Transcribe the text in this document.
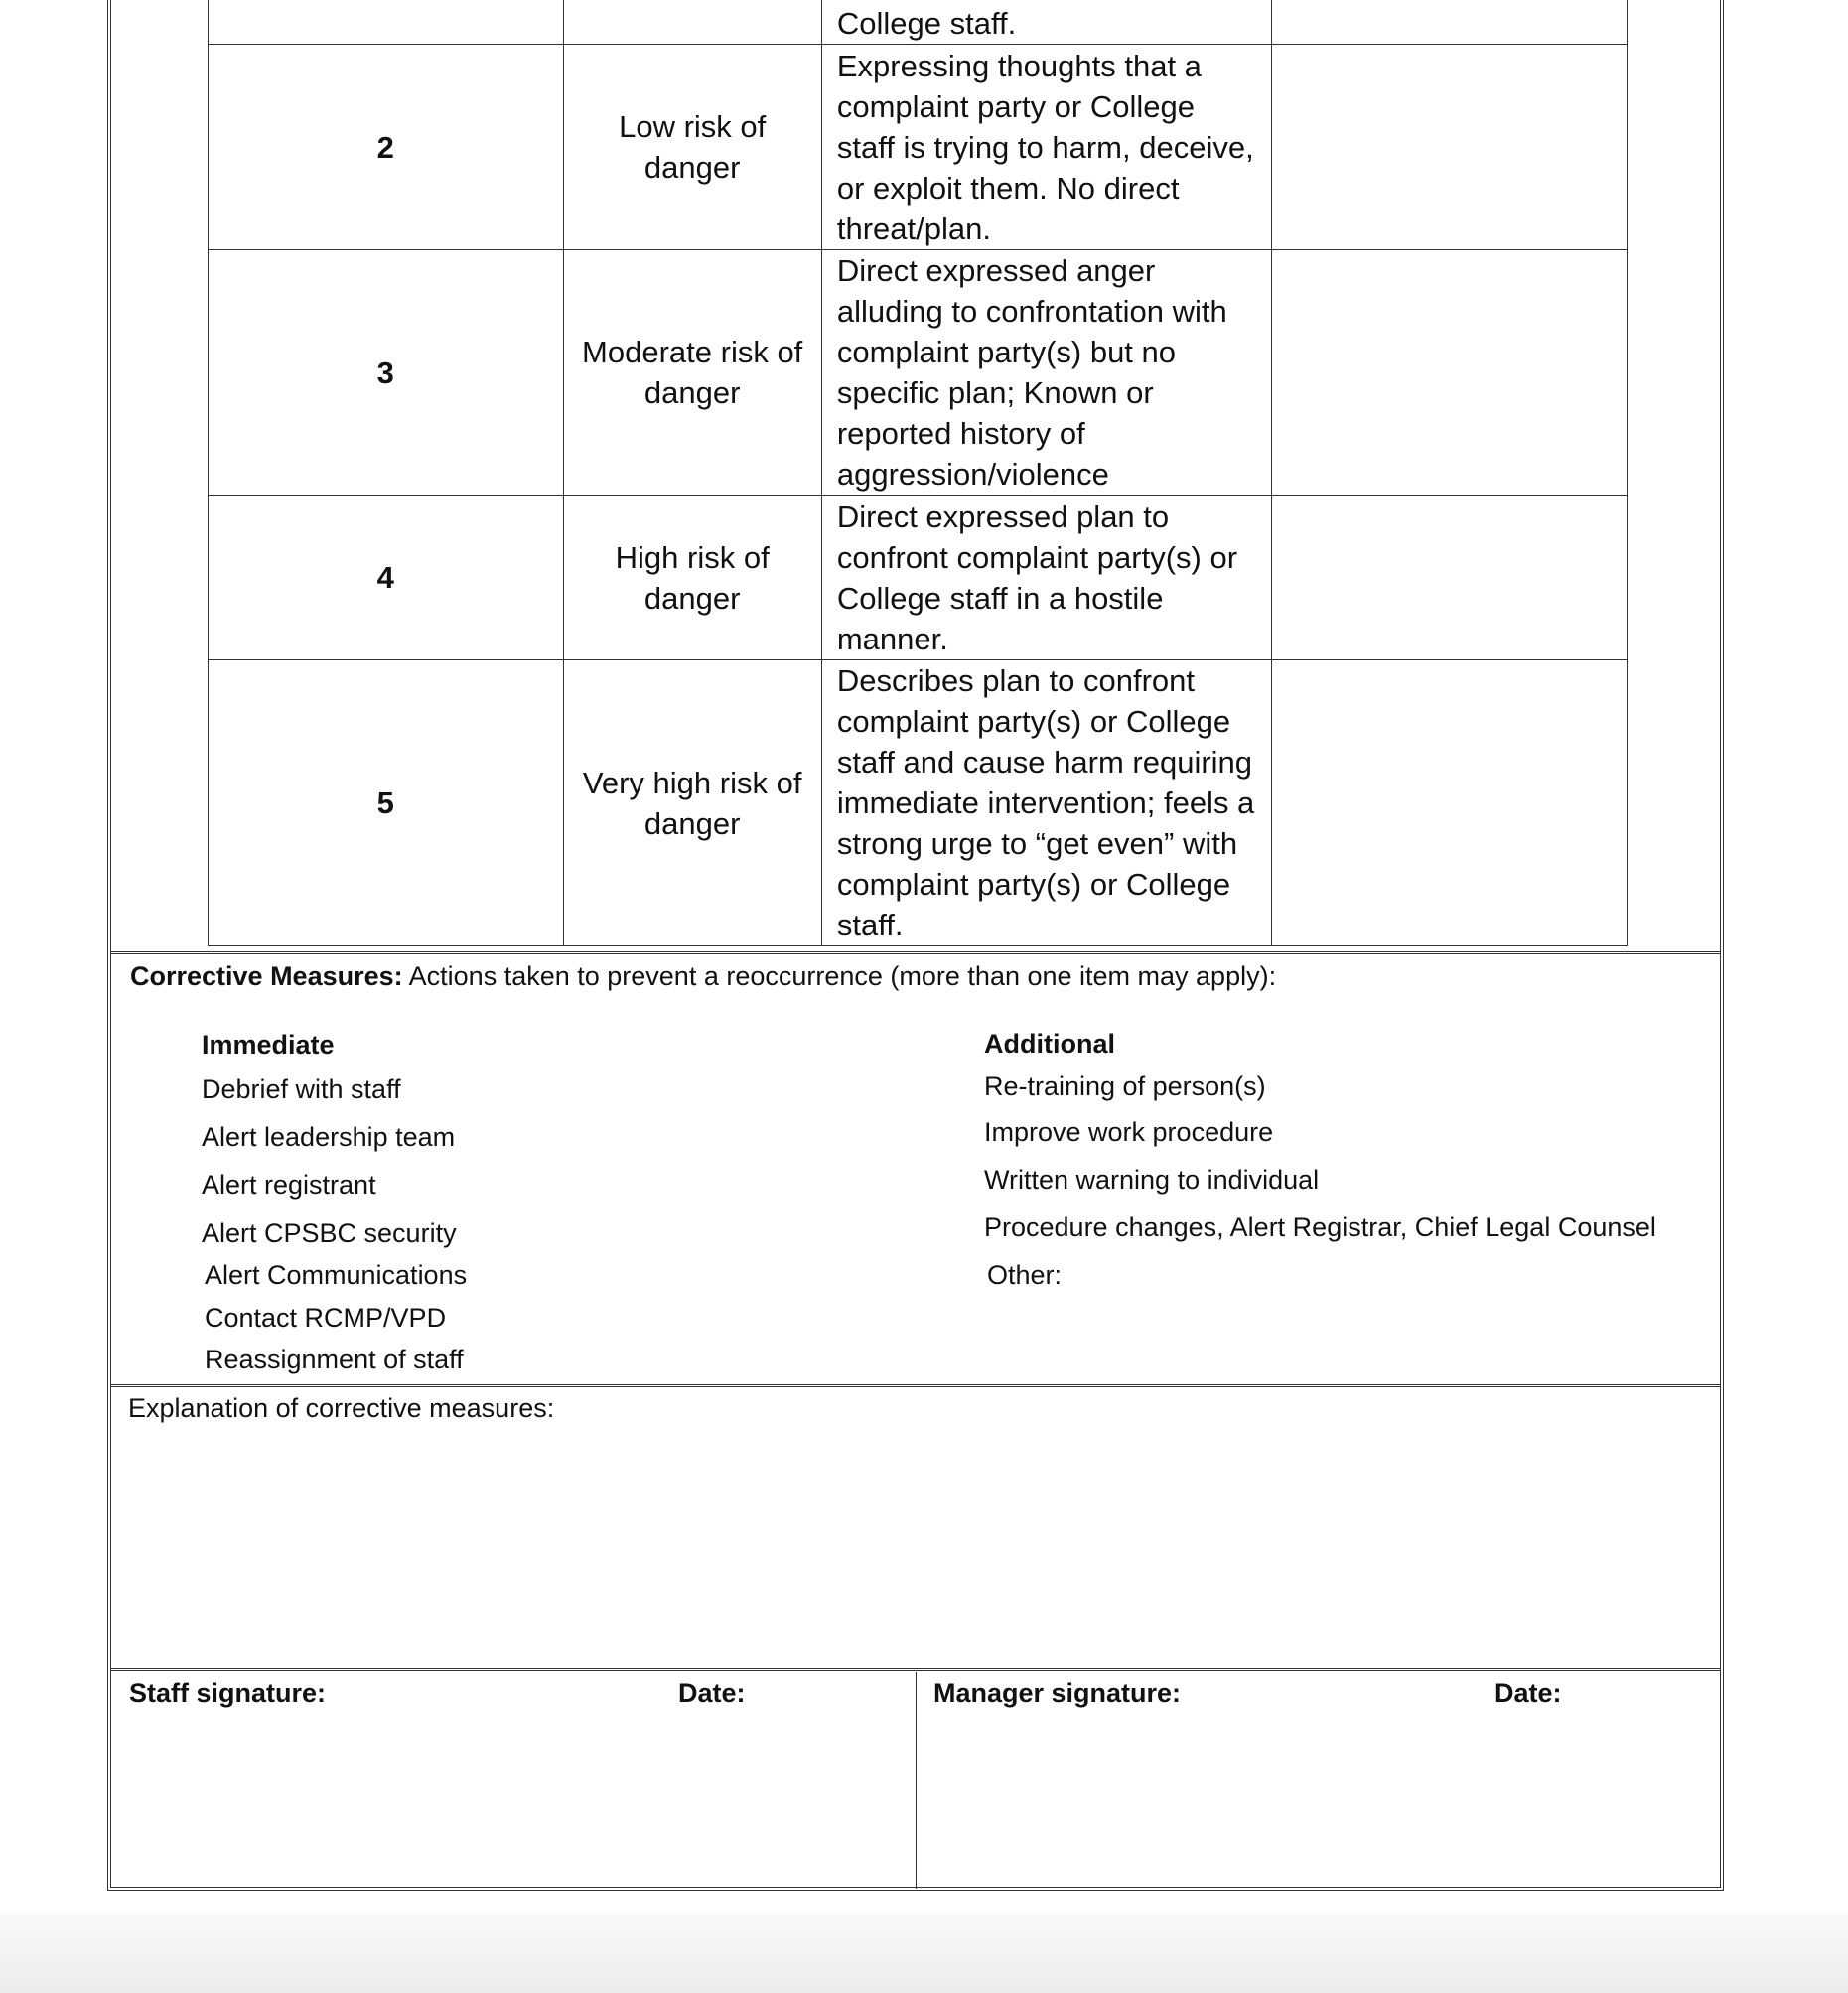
		College staff.	
2	Low risk of danger	Expressing thoughts that a complaint party or College staff is trying to harm, deceive, or exploit them. No direct threat/plan.	
3	Moderate risk of danger	Direct expressed anger alluding to confrontation with complaint party(s) but no specific plan; Known or reported history of aggression/violence	
4	High risk of danger	Direct expressed plan to confront complaint party(s) or College staff in a hostile manner.	
5	Very high risk of danger	Describes plan to confront complaint party(s) or College staff and cause harm requiring immediate intervention; feels a strong urge to “get even” with complaint party(s) or College staff.	
Corrective Measures: Actions taken to prevent a reoccurrence (more than one item may apply):
Immediate
Debrief with staff
Alert leadership team
Alert registrant
Alert CPSBC security
Alert Communications
Contact RCMP/VPD
Reassignment of staff
Additional
Re-training of person(s)
Improve work procedure
Written warning to individual
Procedure changes, Alert Registrar, Chief Legal Counsel
Other:
Explanation of corrective measures:
Staff signature:	Date:	Manager signature:	Date:
